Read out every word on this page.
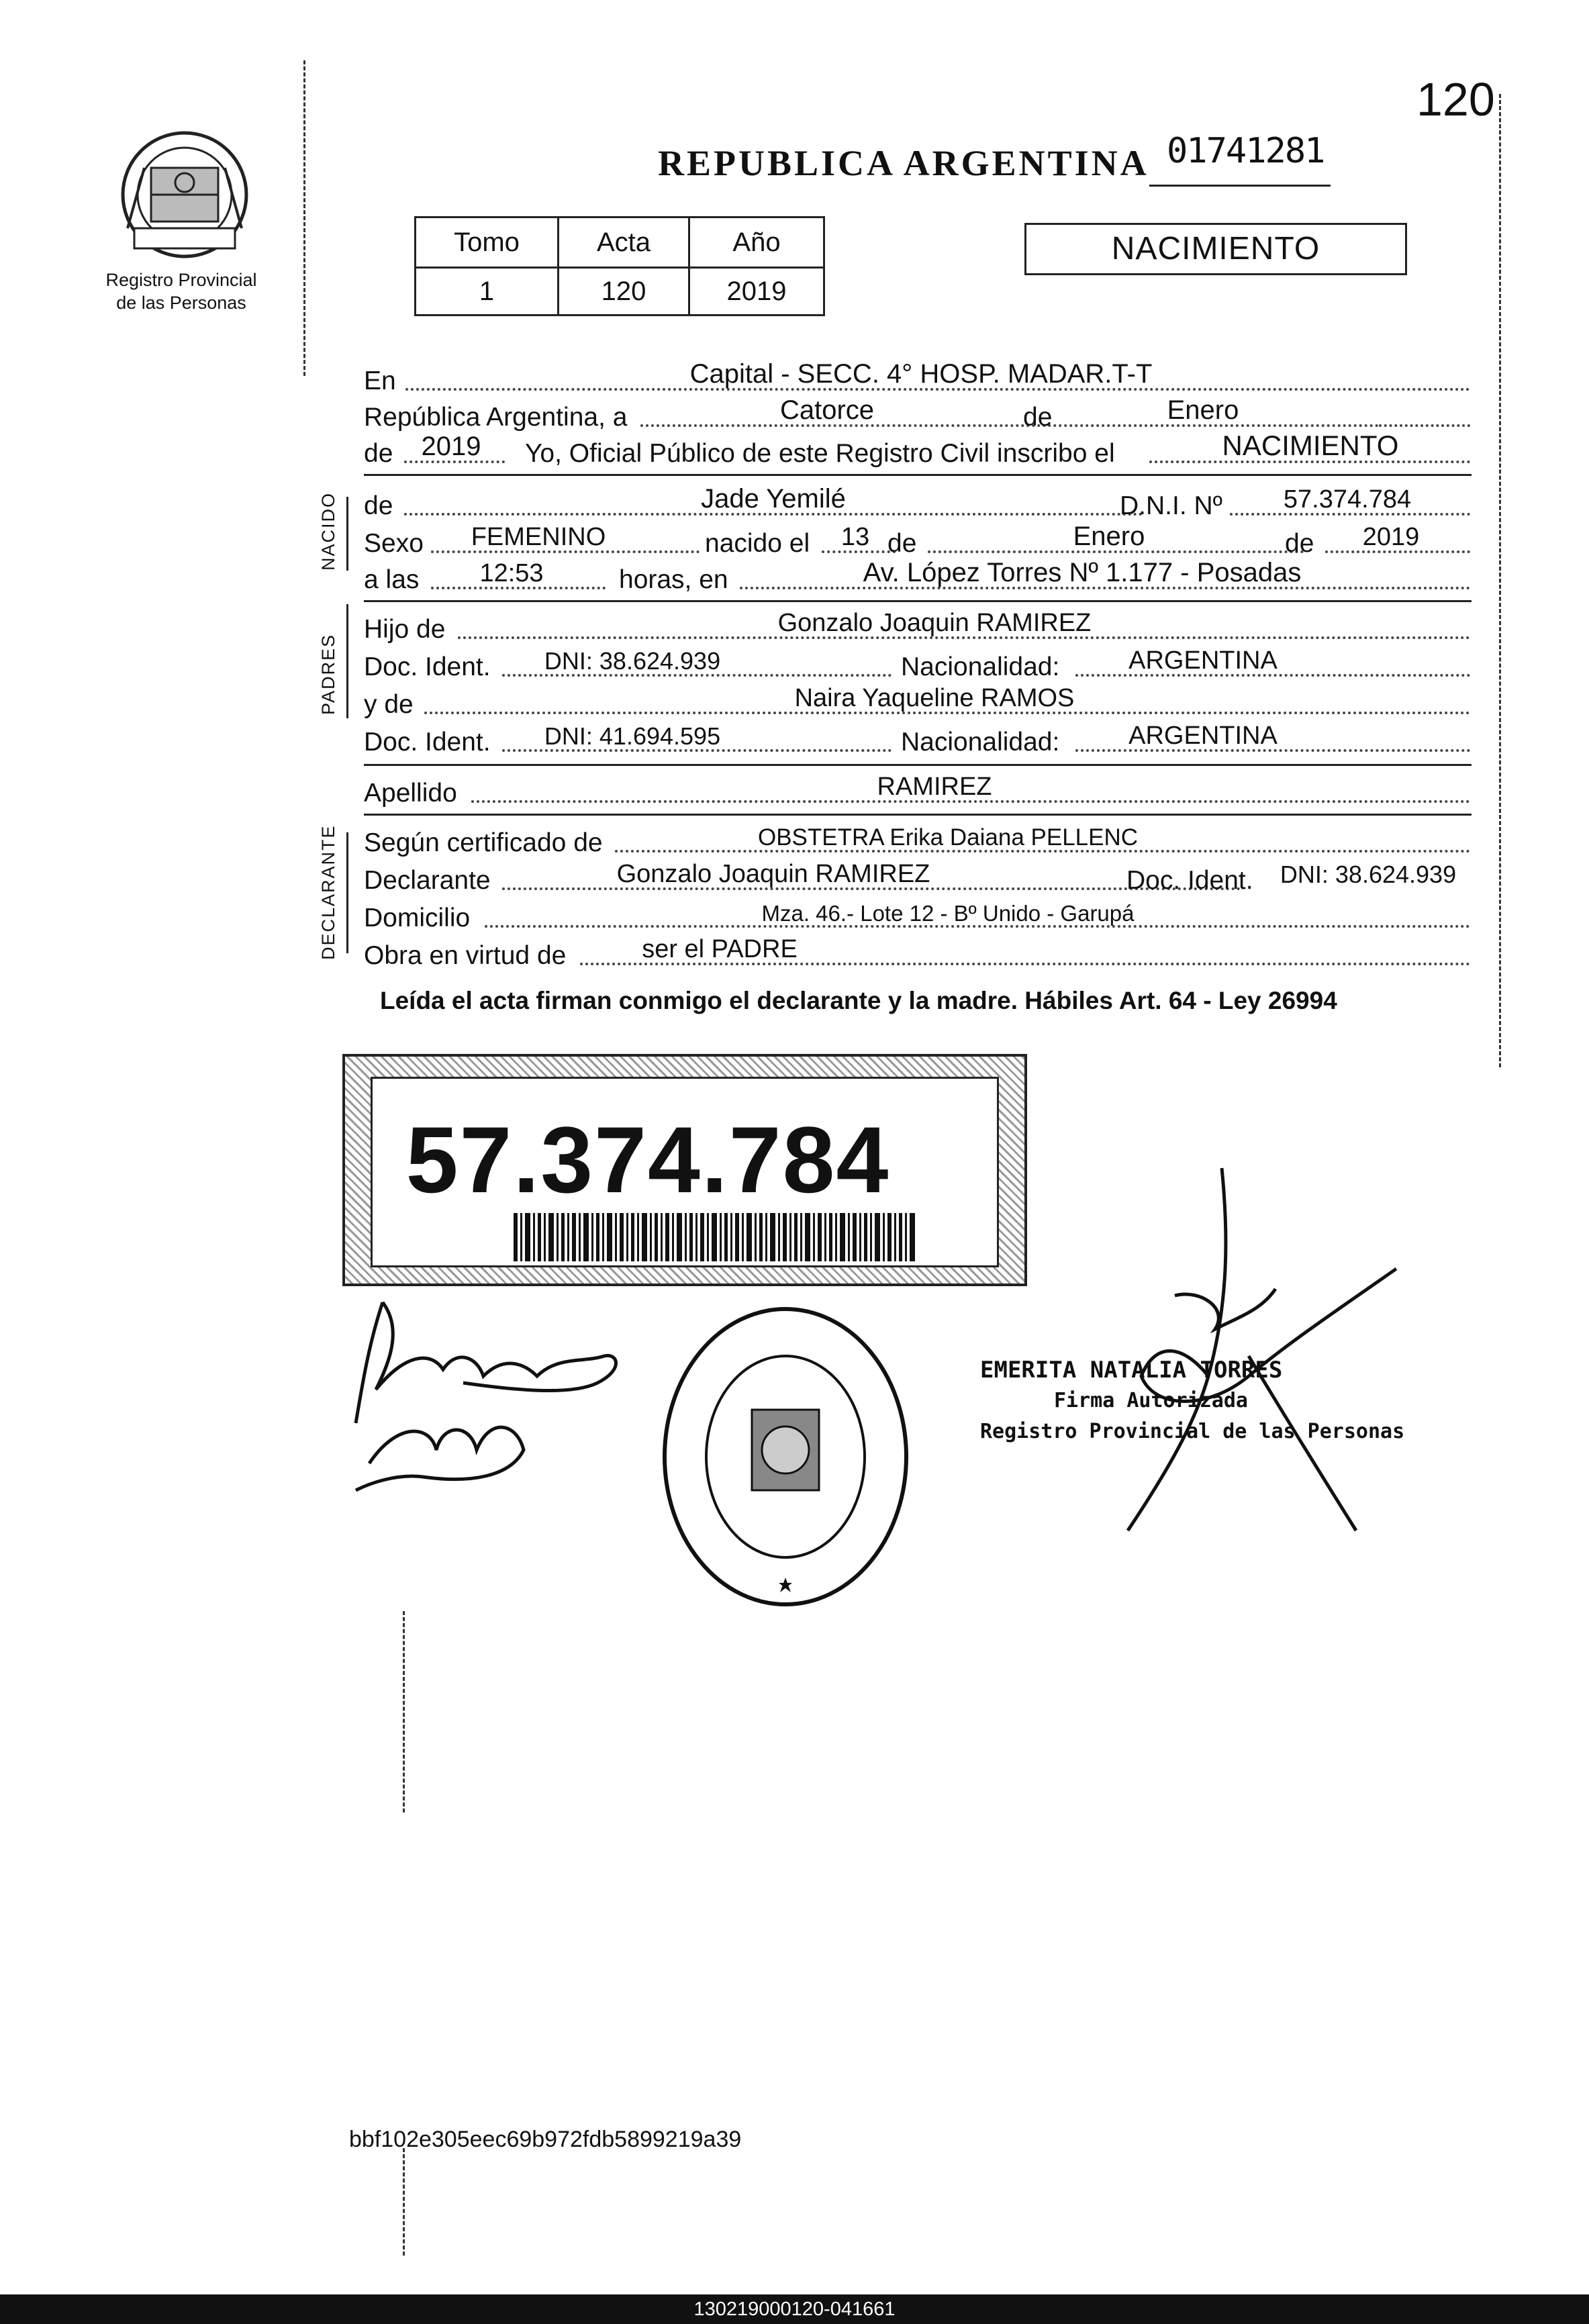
Registro Provincial
de las Personas
120
01741281
REPUBLICA ARGENTINA
Tomo	Acta	Año
1	120	2019
NACIMIENTO
NACIDO
PADRES
DECLARANTE
En	Capital - SECC. 4° HOSP. MADAR.T-T
República Argentina, a	Catorce	de	Enero
de	2019	Yo, Oficial Público de este Registro Civil inscribo el	NACIMIENTO
de	Jade Yemilé	D.N.I. Nº	57.374.784
Sexo	FEMENINO	nacido el	13 de	Enero	de	2019
a las	12:53	horas, en	Av. López Torres Nº 1.177 - Posadas
Hijo de	Gonzalo Joaquin RAMIREZ
Doc. Ident.	DNI: 38.624.939	Nacionalidad:	ARGENTINA
y de	Naira Yaqueline RAMOS
Doc. Ident.	DNI: 41.694.595	Nacionalidad:	ARGENTINA
Apellido	RAMIREZ
Según certificado de	OBSTETRA Erika Daiana PELLENC
Declarante	Gonzalo Joaquin RAMIREZ	Doc. Ident.	DNI: 38.624.939
Domicilio	Mza. 46.- Lote 12 - Bº Unido - Garupá
Obra en virtud de	ser el PADRE
Leída el acta firman conmigo el declarante y la madre. Hábiles Art. 64 - Ley 26994
57.374.784
EMERITA NATALIA TORRES
Firma Autorizada
Registro Provincial de las Personas
bbf102e305eec69b972fdb5899219a39
130219000120-041661
